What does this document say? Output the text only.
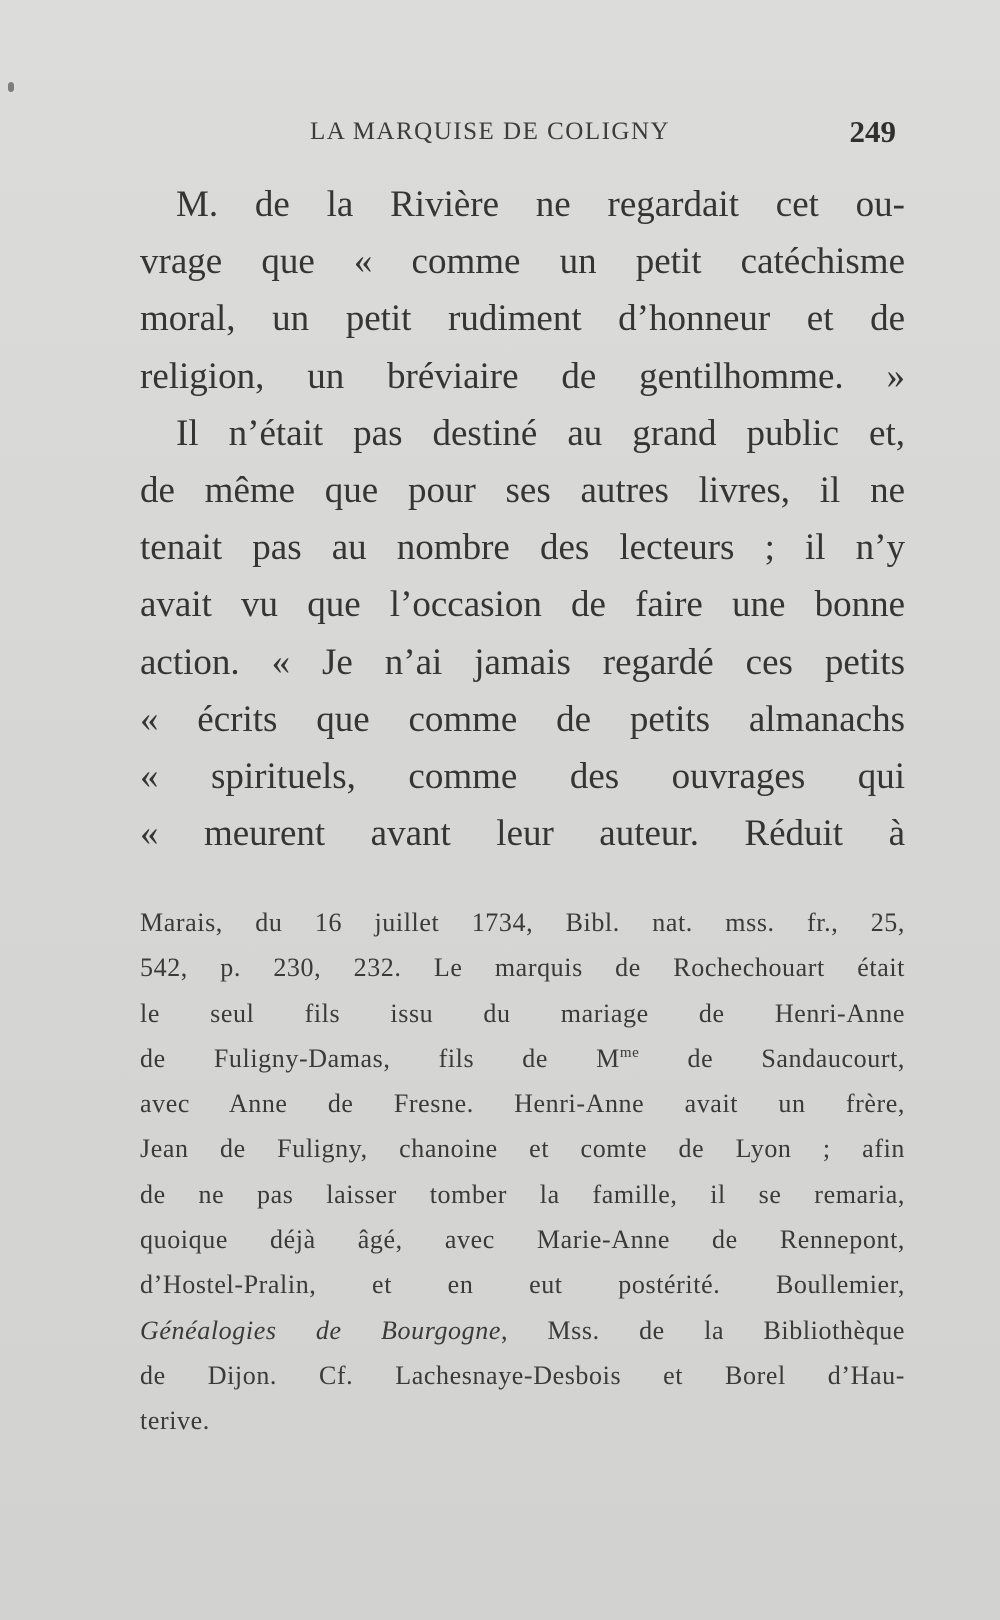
LA MARQUISE DE COLIGNY	249
M. de la Rivière ne regardait cet ou-
vrage que « comme un petit catéchisme
moral, un petit rudiment d’honneur et de
religion, un bréviaire de gentilhomme. »
Il n’était pas destiné au grand public et,
de même que pour ses autres livres, il ne
tenait pas au nombre des lecteurs ; il n’y
avait vu que l’occasion de faire une bonne
action. « Je n’ai jamais regardé ces petits
« écrits que comme de petits almanachs
« spirituels, comme des ouvrages qui
« meurent avant leur auteur. Réduit à
Marais, du 16 juillet 1734, Bibl. nat. mss. fr., 25,
542, p. 230, 232. Le marquis de Rochechouart était
le seul fils issu du mariage de Henri-Anne
de Fuligny-Damas, fils de $M^{me}$ de Sandaucourt,
avec Anne de Fresne. Henri-Anne avait un frère,
Jean de Fuligny, chanoine et comte de Lyon ; afin
de ne pas laisser tomber la famille, il se remaria,
quoique déjà âgé, avec Marie-Anne de Rennepont,
d’Hostel-Pralin, et en eut postérité. Boullemier,
Généalogies de Bourgogne, Mss. de la Bibliothèque
de Dijon. Cf. Lachesnaye-Desbois et Borel d’Hau-
terive.
